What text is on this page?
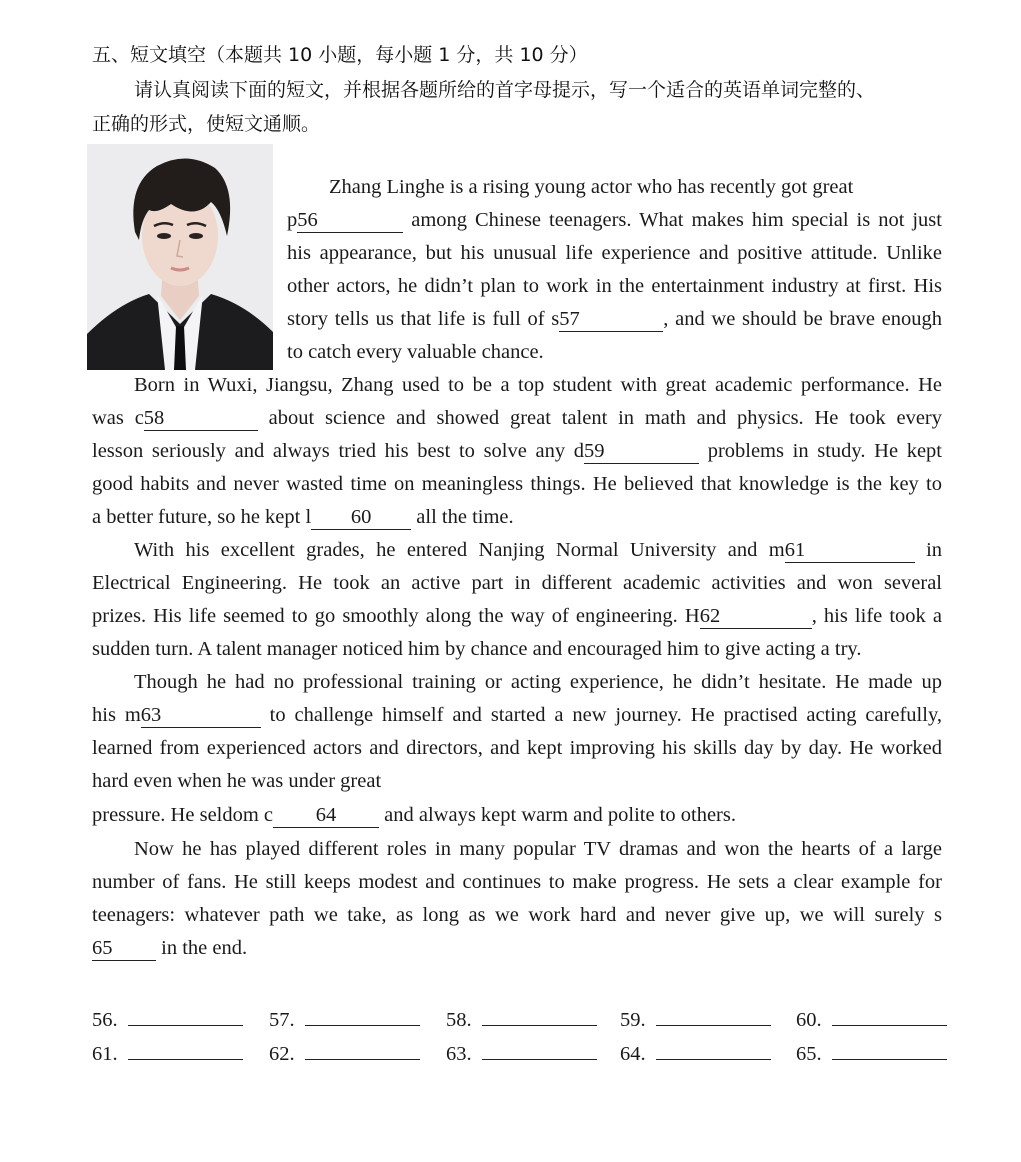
五、短文填空（本题共 10 小题，每小题 1 分，共 10 分）
请认真阅读下面的短文，并根据各题所给的首字母提示，写一个适合的英语单词完整的、
正确的形式，使短文通顺。
Zhang Linghe is a rising young actor who has recently got great
p56	among Chinese teenagers. What makes him special is not just
his appearance, but his unusual life experience and positive attitude. Unlike
other actors, he didn’t plan to work in the entertainment industry at first. His
story tells us that life is full of s57	, and we should be brave enough
to catch every valuable chance.
Born in Wuxi, Jiangsu, Zhang used to be a top student with great academic performance. He
was c58	about science and showed great talent in math and physics. He took every
lesson seriously and always tried his best to solve any d59	problems in study. He kept
good habits and never wasted time on meaningless things. He believed that knowledge is the key to
a better future, so he kept l 60 all the time.
With his excellent grades, he entered Nanjing Normal University and m61	in
Electrical Engineering. He took an active part in different academic activities and won several
prizes. His life seemed to go smoothly along the way of engineering. H62	, his life took a
sudden turn. A talent manager noticed him by chance and encouraged him to give acting a try.
Though he had no professional training or acting experience, he didn’t hesitate. He made up
his m63	to challenge himself and started a new journey. He practised acting carefully,
learned from experienced actors and directors, and kept improving his skills day by day. He worked
hard even when he was under great
pressure. He seldom c 64 and always kept warm and polite to others.
Now he has played different roles in many popular TV dramas and won the hearts of a large
number of fans. He still keeps modest and continues to make progress. He sets a clear example for
teenagers: whatever path we take, as long as we work hard and never give up, we will surely s
65 in the end.
56.	57.	58.	59.	60.
61.	62.	63.	64.	65.
